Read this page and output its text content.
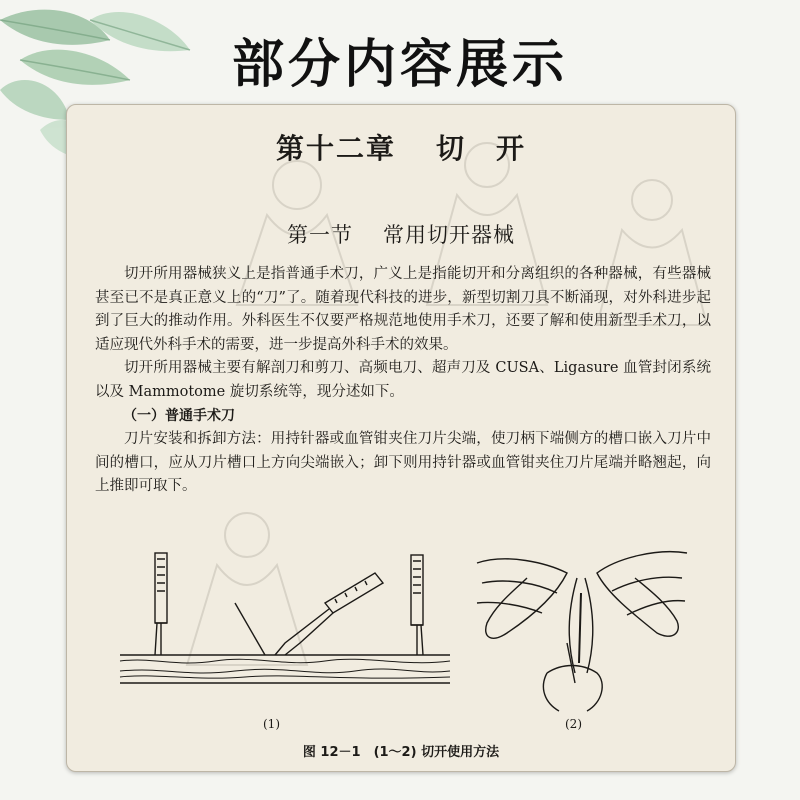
部分内容展示
第十二章 切　开
第一节 常用切开器械

切开所用器械狭义上是指普通手术刀，广义上是指能切开和分离组织的各种器械，有些器械甚至已不是真正意义上的“刀”了。随着现代科技的进步，新型切割刀具不断涌现，对外科进步起到了巨大的推动作用。外科医生不仅要严格规范地使用手术刀，还要了解和使用新型手术刀，以适应现代外科手术的需要，进一步提高外科手术的效果。

切开所用器械主要有解剖刀和剪刀、高频电刀、超声刀及 CUSA、Ligasure 血管封闭系统以及 Mammotome 旋切系统等，现分述如下。

（一）普通手术刀

刀片安装和拆卸方法：用持针器或血管钳夹住刀片尖端，使刀柄下端侧方的槽口嵌入刀片中间的槽口，应从刀片槽口上方向尖端嵌入；卸下则用持针器或血管钳夹住刀片尾端并略翘起，向上推即可取下。

(1)	(2)
图 12－1　(1～2) 切开使用方法
